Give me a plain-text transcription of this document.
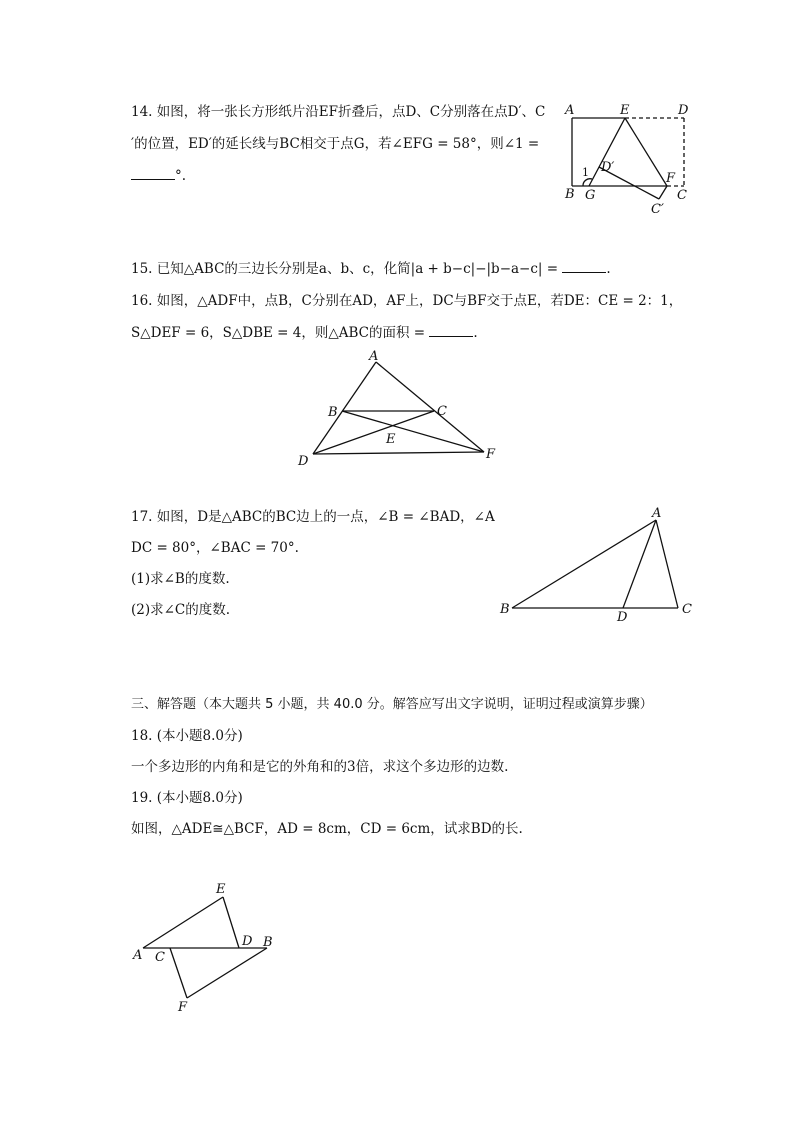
14. 如图，将一张长方形纸片沿EF折叠后，点D、C分别落在点D′、C
′的位置，ED′的延长线与BC相交于点G，若∠EFG = 58°，则∠1 =
°.
A	E	D
B G	C
F
D′
C′
1
15. 已知△ABC的三边长分别是a、b、c，化简|a + b−c|−|b−a−c| =	.
16. 如图，△ADF中，点B，C分别在AD，AF上，DC与BF交于点E，若DE：CE = 2：1，
S△DEF = 6，S△DBE = 4，则△ABC的面积 =	.
A
B	C
E
D	F
17. 如图，D是△ABC的BC边上的一点，∠B = ∠BAD，∠A
DC = 80°，∠BAC = 70°.
(1)求∠B的度数.
(2)求∠C的度数.
A
B
D
C
三、解答题（本大题共 5 小题，共 40.0 分。解答应写出文字说明，证明过程或演算步骤）
18. (本小题8.0分)
一个多边形的内角和是它的外角和的3倍，求这个多边形的边数.
19. (本小题8.0分)
如图，△ADE≅△BCF，AD = 8cm，CD = 6cm，试求BD的长.
E
A C
D B
F
